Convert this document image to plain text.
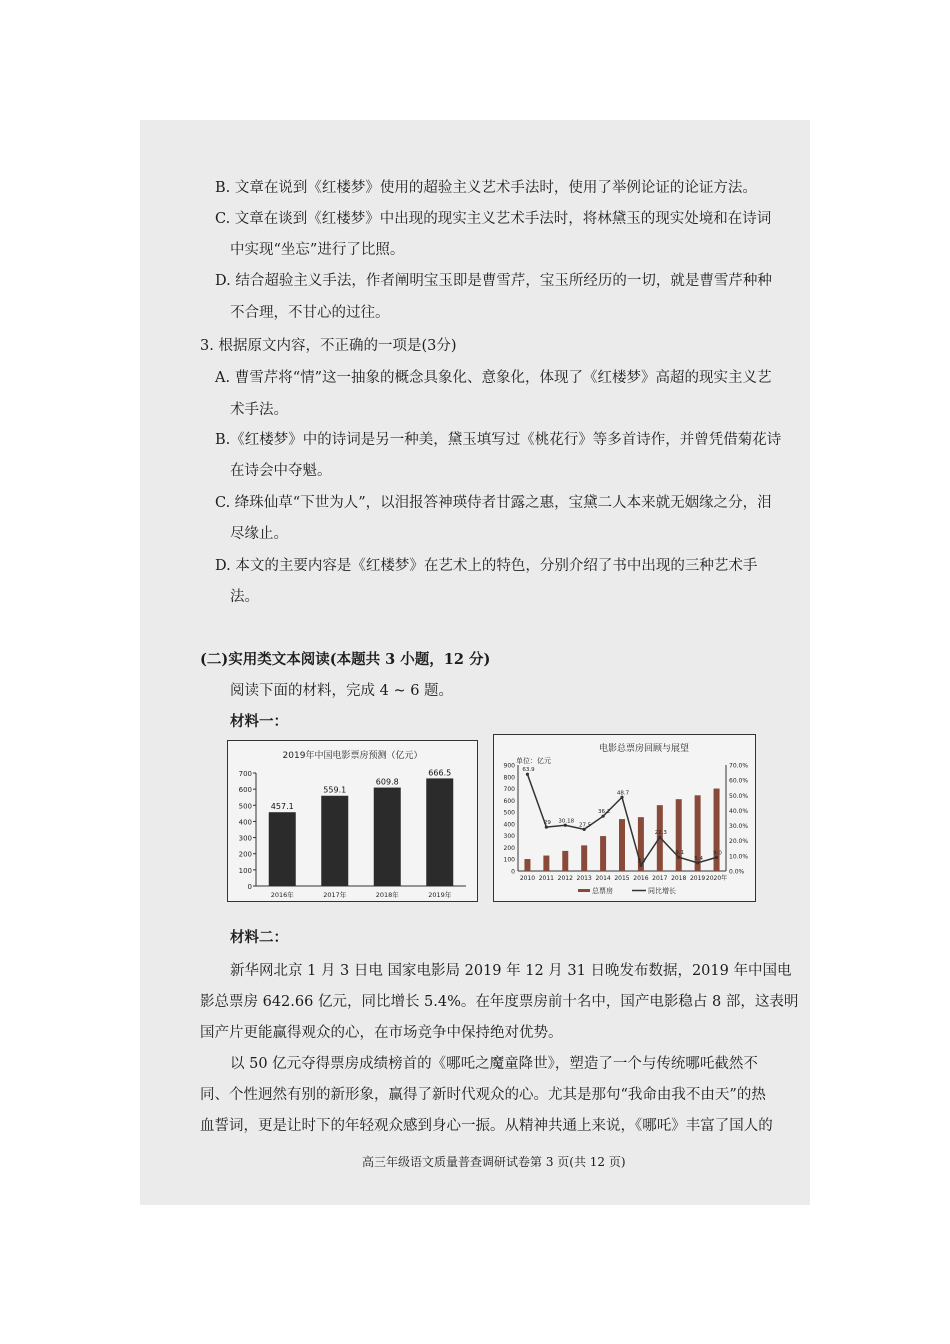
B. 文章在说到《红楼梦》使用的超验主义艺术手法时，使用了举例论证的论证方法。
C. 文章在谈到《红楼梦》中出现的现实主义艺术手法时，将林黛玉的现实处境和在诗词
中实现“坐忘”进行了比照。
D. 结合超验主义手法，作者阐明宝玉即是曹雪芹，宝玉所经历的一切，就是曹雪芹种种
不合理，不甘心的过往。
3. 根据原文内容，不正确的一项是(3分)
A. 曹雪芹将“情”这一抽象的概念具象化、意象化，体现了《红楼梦》高超的现实主义艺
术手法。
B.《红楼梦》中的诗词是另一种美，黛玉填写过《桃花行》等多首诗作，并曾凭借菊花诗
在诗会中夺魁。
C. 绛珠仙草“下世为人”，以泪报答神瑛侍者甘露之惠，宝黛二人本来就无姻缘之分，泪
尽缘止。
D. 本文的主要内容是《红楼梦》在艺术上的特色，分别介绍了书中出现的三种艺术手
法。
(二)实用类文本阅读(本题共 3 小题，12 分)
阅读下面的材料，完成 4 ~ 6 题。
材料一：
0
100
200
300
400
500
600
700
457.1
2016年
559.1
2017年
609.8
2018年
666.5
2019年
2019年中国电影票房预测（亿元）
0
100
200
300
400
500
600
700
800
900
0.0%
10.0%
20.0%
30.0%
40.0%
50.0%
60.0%
70.0%
2010 2011 2012 2013 2014 2015 2016 2017 2018 2019 2020年
63.9
29 30.18
27.5
36.2
48.7
3.7
22.3
9.1
5.4
9.0
电影总票房回顾与展望
单位：亿元
总票房	同比增长
材料二：
新华网北京 1 月 3 日电 国家电影局 2019 年 12 月 31 日晚发布数据，2019 年中国电
影总票房 642.66 亿元，同比增长 5.4%。在年度票房前十名中，国产电影稳占 8 部，这表明
国产片更能赢得观众的心，在市场竞争中保持绝对优势。
以 50 亿元夺得票房成绩榜首的《哪吒之魔童降世》，塑造了一个与传统哪吒截然不
同、个性迥然有别的新形象，赢得了新时代观众的心。尤其是那句“我命由我不由天”的热
血誓词，更是让时下的年轻观众感到身心一振。从精神共通上来说，《哪吒》丰富了国人的
高三年级语文质量普查调研试卷第 3 页(共 12 页)
